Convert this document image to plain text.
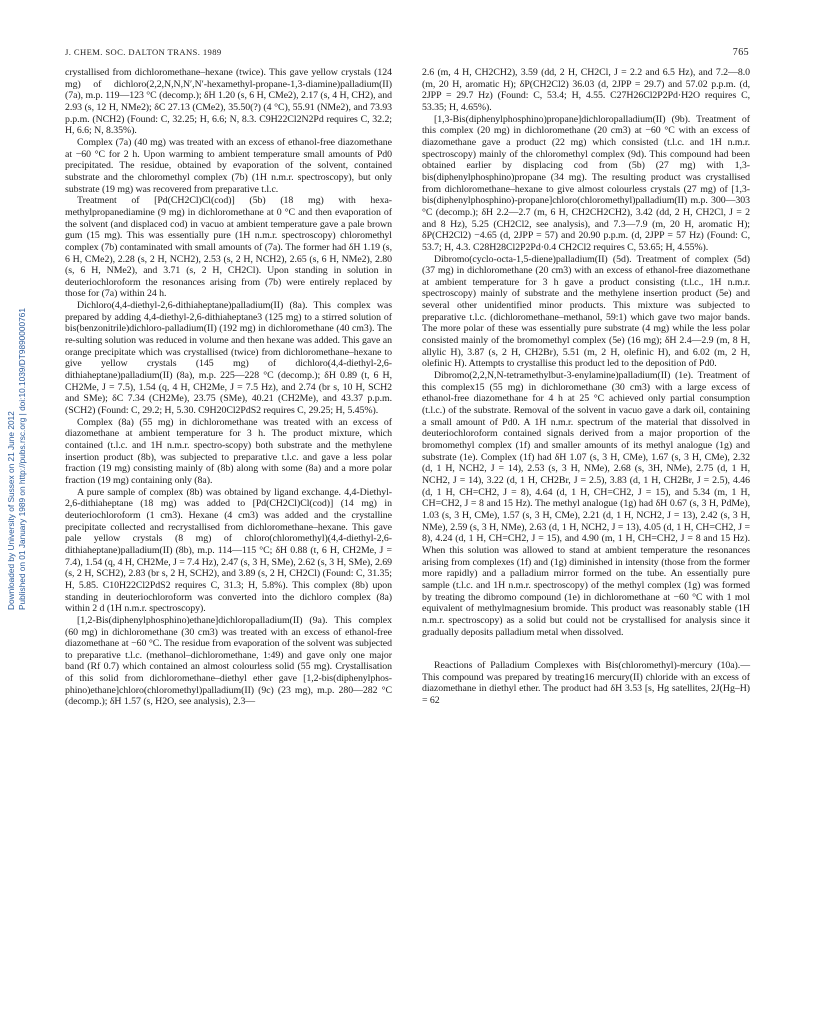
J. CHEM. SOC. DALTON TRANS. 1989	765
Downloaded by University of Sussex on 21 June 2012 Published on 01 January 1989 on http://pubs.rsc.org | doi:10.1039/DT9890000761

crystallised from dichloromethane–hexane (twice). This gave yellow crystals (124 mg) of dichloro(2,2,N,N,N′,N′-hexamethyl-propane-1,3-diamine)palladium(II) (7a), m.p. 119—123 °C (decomp.); δH 1.20 (s, 6 H, CMe2), 2.17 (s, 4 H, CH2), and 2.93 (s, 12 H, NMe2); δC 27.13 (CMe2), 35.50(?) (4 °C), 55.91 (NMe2), and 73.93 p.p.m. (NCH2) (Found: C, 32.25; H, 6.6; N, 8.3. C9H22Cl2N2Pd requires C, 32.2; H, 6.6; N, 8.35%).

Complex (7a) (40 mg) was treated with an excess of ethanol-free diazomethane at −60 °C for 2 h. Upon warming to ambient temperature small amounts of Pd0 precipitated. The residue, obtained by evaporation of the solvent, contained substrate and the chloromethyl complex (7b) (1H n.m.r. spectroscopy), but only substrate (19 mg) was recovered from preparative t.l.c.

Treatment of [Pd(CH2Cl)Cl(cod)] (5b) (18 mg) with hexa-methylpropanediamine (9 mg) in dichloromethane at 0 °C and then evaporation of the solvent (and displaced cod) in vacuo at ambient temperature gave a pale brown gum (15 mg). This was essentially pure (1H n.m.r. spectroscopy) chloromethyl complex (7b) contaminated with small amounts of (7a). The former had δH 1.19 (s, 6 H, CMe2), 2.28 (s, 2 H, NCH2), 2.53 (s, 2 H, NCH2), 2.65 (s, 6 H, NMe2), 2.80 (s, 6 H, NMe2), and 3.71 (s, 2 H, CH2Cl). Upon standing in solution in deuteriochloroform the resonances arising from (7b) were entirely replaced by those for (7a) within 24 h.

Dichloro(4,4-diethyl-2,6-dithiaheptane)palladium(II) (8a). This complex was prepared by adding 4,4-diethyl-2,6-dithiaheptane3 (125 mg) to a stirred solution of bis(benzonitrile)dichloro-palladium(II) (192 mg) in dichloromethane (40 cm3). The re-sulting solution was reduced in volume and then hexane was added. This gave an orange precipitate which was crystallised (twice) from dichloromethane–hexane to give yellow crystals (145 mg) of dichloro(4,4-diethyl-2,6-dithiaheptane)palladium(II) (8a), m.p. 225—228 °C (decomp.); δH 0.89 (t, 6 H, CH2Me, J = 7.5), 1.54 (q, 4 H, CH2Me, J = 7.5 Hz), and 2.74 (br s, 10 H, SCH2 and SMe); δC 7.34 (CH2Me), 23.75 (SMe), 40.21 (CH2Me), and 43.37 p.p.m. (SCH2) (Found: C, 29.2; H, 5.30. C9H20Cl2PdS2 requires C, 29.25; H, 5.45%).

Complex (8a) (55 mg) in dichloromethane was treated with an excess of diazomethane at ambient temperature for 3 h. The product mixture, which contained (t.l.c. and 1H n.m.r. spectro-scopy) both substrate and the methylene insertion product (8b), was subjected to preparative t.l.c. and gave a less polar fraction (19 mg) consisting mainly of (8b) along with some (8a) and a more polar fraction (19 mg) containing only (8a).

A pure sample of complex (8b) was obtained by ligand exchange. 4,4-Diethyl-2,6-dithiaheptane (18 mg) was added to [Pd(CH2Cl)Cl(cod)] (14 mg) in deuteriochloroform (1 cm3). Hexane (4 cm3) was added and the crystalline precipitate collected and recrystallised from dichloromethane–hexane. This gave pale yellow crystals (8 mg) of chloro(chloromethyl)(4,4-diethyl-2,6-dithiaheptane)palladium(II) (8b), m.p. 114—115 °C; δH 0.88 (t, 6 H, CH2Me, J = 7.4), 1.54 (q, 4 H, CH2Me, J = 7.4 Hz), 2.47 (s, 3 H, SMe), 2.62 (s, 3 H, SMe), 2.69 (s, 2 H, SCH2), 2.83 (br s, 2 H, SCH2), and 3.89 (s, 2 H, CH2Cl) (Found: C, 31.35; H, 5.85. C10H22Cl2PdS2 requires C, 31.3; H, 5.8%). This complex (8b) upon standing in deuteriochloroform was converted into the dichloro complex (8a) within 2 d (1H n.m.r. spectroscopy).

[1,2-Bis(diphenylphosphino)ethane]dichloropalladium(II) (9a). This complex (60 mg) in dichloromethane (30 cm3) was treated with an excess of ethanol-free diazomethane at −60 °C. The residue from evaporation of the solvent was subjected to preparative t.l.c. (methanol–dichloromethane, 1:49) and gave only one major band (Rf 0.7) which contained an almost colourless solid (55 mg). Crystallisation of this solid from dichloromethane–diethyl ether gave [1,2-bis(diphenylphos-phino)ethane]chloro(chloromethyl)palladium(II) (9c) (23 mg), m.p. 280—282 °C (decomp.); δH 1.57 (s, H2O, see analysis), 2.3—

2.6 (m, 4 H, CH2CH2), 3.59 (dd, 2 H, CH2Cl, J = 2.2 and 6.5 Hz), and 7.2—8.0 (m, 20 H, aromatic H); δP(CH2Cl2) 36.03 (d, 2JPP = 29.7) and 57.02 p.p.m. (d, 2JPP = 29.7 Hz) (Found: C, 53.4; H, 4.55. C27H26Cl2P2Pd·H2O requires C, 53.35; H, 4.65%).

[1,3-Bis(diphenylphosphino)propane]dichloropalladium(II) (9b). Treatment of this complex (20 mg) in dichloromethane (20 cm3) at −60 °C with an excess of diazomethane gave a product (22 mg) which consisted (t.l.c. and 1H n.m.r. spectroscopy) mainly of the chloromethyl complex (9d). This compound had been obtained earlier by displacing cod from (5b) (27 mg) with 1,3-bis(diphenylphosphino)propane (34 mg). The resulting product was crystallised from dichloromethane–hexane to give almost colourless crystals (27 mg) of [1,3-bis(diphenylphosphino)-propane]chloro(chloromethyl)palladium(II) m.p. 300—303 °C (decomp.); δH 2.2—2.7 (m, 6 H, CH2CH2CH2), 3.42 (dd, 2 H, CH2Cl, J = 2 and 8 Hz), 5.25 (CH2Cl2, see analysis), and 7.3—7.9 (m, 20 H, aromatic H); δP(CH2Cl2) −4.65 (d, 2JPP = 57) and 20.90 p.p.m. (d, 2JPP = 57 Hz) (Found: C, 53.7; H, 4.3. C28H28Cl2P2Pd·0.4 CH2Cl2 requires C, 53.65; H, 4.55%).

Dibromo(cyclo-octa-1,5-diene)palladium(II) (5d). Treatment of complex (5d) (37 mg) in dichloromethane (20 cm3) with an excess of ethanol-free diazomethane at ambient temperature for 3 h gave a product consisting (t.l.c., 1H n.m.r. spectroscopy) mainly of substrate and the methylene insertion product (5e) and several other unidentified minor products. This mixture was subjected to preparative t.l.c. (dichloromethane–methanol, 59:1) which gave two major bands. The more polar of these was essentially pure substrate (4 mg) while the less polar consisted mainly of the bromomethyl complex (5e) (16 mg); δH 2.4—2.9 (m, 8 H, allylic H), 3.87 (s, 2 H, CH2Br), 5.51 (m, 2 H, olefinic H), and 6.02 (m, 2 H, olefinic H). Attempts to crystallise this product led to the deposition of Pd0.

Dibromo(2,2,N,N-tetramethylbut-3-enylamine)palladium(II) (1e). Treatment of this complex15 (55 mg) in dichloromethane (30 cm3) with a large excess of ethanol-free diazomethane for 4 h at 25 °C achieved only partial consumption (t.l.c.) of the substrate. Removal of the solvent in vacuo gave a dark oil, containing a small amount of Pd0. A 1H n.m.r. spectrum of the material that dissolved in deuteriochloroform contained signals derived from a major proportion of the bromomethyl complex (1f) and smaller amounts of its methyl analogue (1g) and substrate (1e). Complex (1f) had δH 1.07 (s, 3 H, CMe), 1.67 (s, 3 H, CMe), 2.32 (d, 1 H, NCH2, J = 14), 2.53 (s, 3 H, NMe), 2.68 (s, 3H, NMe), 2.75 (d, 1 H, NCH2, J = 14), 3.22 (d, 1 H, CH2Br, J = 2.5), 3.83 (d, 1 H, CH2Br, J = 2.5), 4.46 (d, 1 H, CH=CH2, J = 8), 4.64 (d, 1 H, CH=CH2, J = 15), and 5.34 (m, 1 H, CH=CH2, J = 8 and 15 Hz). The methyl analogue (1g) had δH 0.67 (s, 3 H, PdMe), 1.03 (s, 3 H, CMe), 1.57 (s, 3 H, CMe), 2.21 (d, 1 H, NCH2, J = 13), 2.42 (s, 3 H, NMe), 2.59 (s, 3 H, NMe), 2.63 (d, 1 H, NCH2, J = 13), 4.05 (d, 1 H, CH=CH2, J = 8), 4.24 (d, 1 H, CH=CH2, J = 15), and 4.90 (m, 1 H, CH=CH2, J = 8 and 15 Hz). When this solution was allowed to stand at ambient temperature the resonances arising from complexes (1f) and (1g) diminished in intensity (those from the former more rapidly) and a palladium mirror formed on the tube. An essentially pure sample (t.l.c. and 1H n.m.r. spectroscopy) of the methyl complex (1g) was formed by treating the dibromo compound (1e) in dichloromethane at −60 °C with 1 mol equivalent of methylmagnesium bromide. This product was reasonably stable (1H n.m.r. spectroscopy) as a solid but could not be crystallised for analysis since it gradually deposits palladium metal when dissolved.

Reactions of Palladium Complexes with Bis(chloromethyl)-mercury (10a).—This compound was prepared by treating16 mercury(II) chloride with an excess of diazomethane in diethyl ether. The product had δH 3.53 [s, Hg satellites, 2J(Hg–H) = 62
